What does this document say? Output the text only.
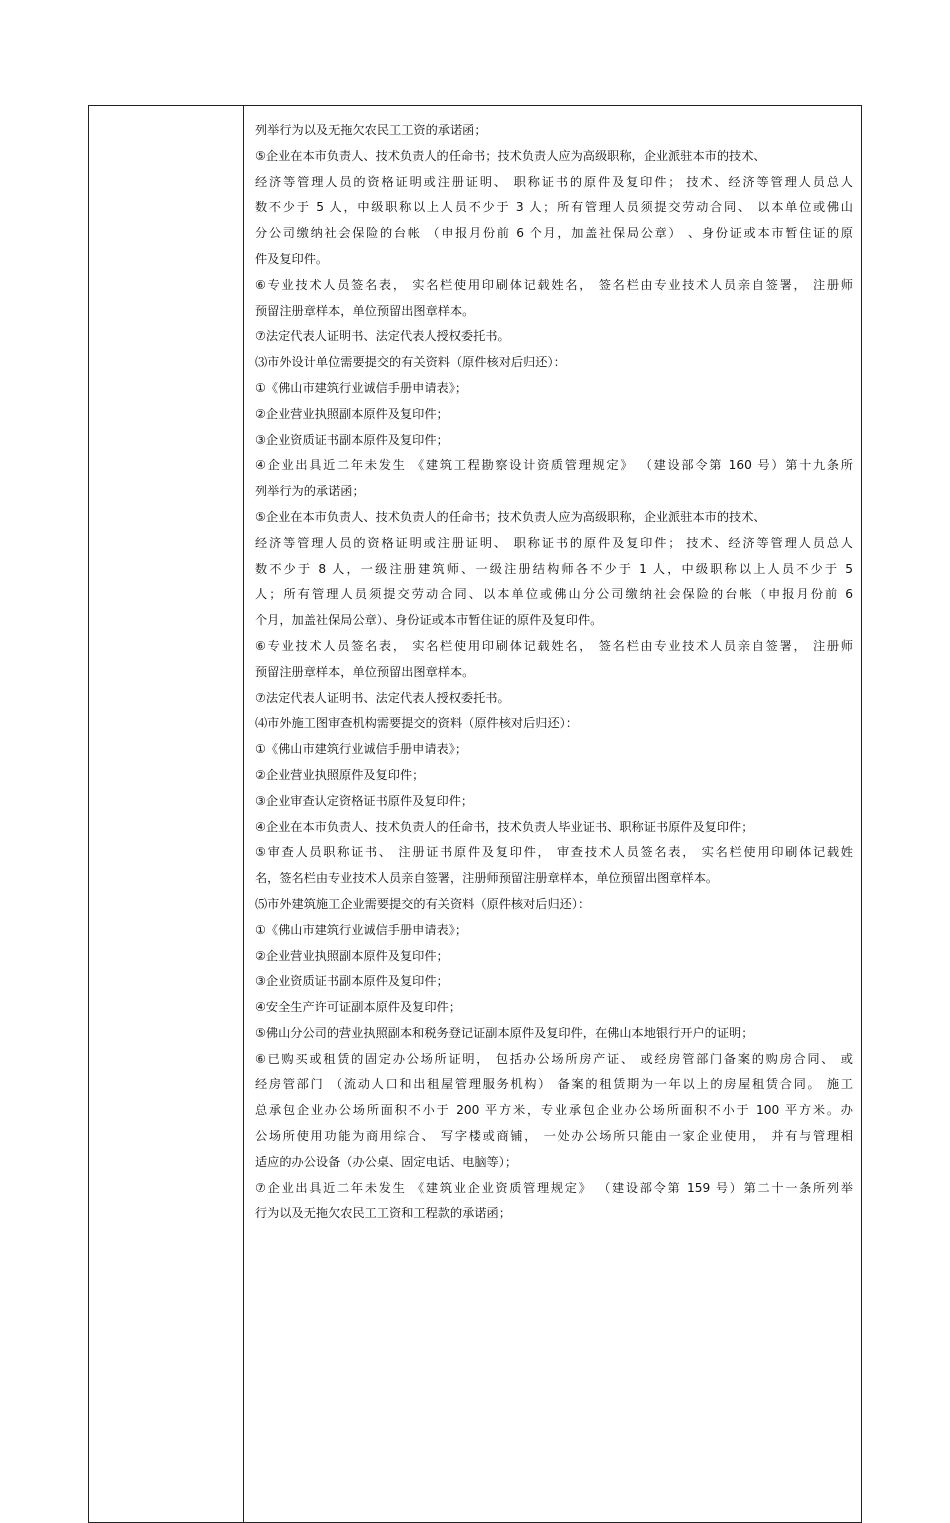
列举行为以及无拖欠农民工工资的承诺函；
⑤企业在本市负责人、技术负责人的任命书；技术负责人应为高级职称，企业派驻本市的技术、
经济等管理人员的资格证明或注册证明、 职称证书的原件及复印件； 技术、经济等管理人员总人
数不少于 5 人，中级职称以上人员不少于 3 人；所有管理人员须提交劳动合同、 以本单位或佛山
分公司缴纳社会保险的台帐 （申报月份前 6 个月，加盖社保局公章） 、身份证或本市暂住证的原
件及复印件。
⑥专业技术人员签名表， 实名栏使用印刷体记载姓名， 签名栏由专业技术人员亲自签署， 注册师
预留注册章样本，单位预留出图章样本。
⑦法定代表人证明书、法定代表人授权委托书。
⑶市外设计单位需要提交的有关资料（原件核对后归还）：
①《佛山市建筑行业诚信手册申请表》；
②企业营业执照副本原件及复印件；
③企业资质证书副本原件及复印件；
④企业出具近二年未发生 《建筑工程勘察设计资质管理规定》 （建设部令第 160 号）第十九条所
列举行为的承诺函；
⑤企业在本市负责人、技术负责人的任命书；技术负责人应为高级职称，企业派驻本市的技术、
经济等管理人员的资格证明或注册证明、 职称证书的原件及复印件； 技术、经济等管理人员总人
数不少于 8 人，一级注册建筑师、一级注册结构师各不少于 1 人，中级职称以上人员不少于 5
人；所有管理人员须提交劳动合同、以本单位或佛山分公司缴纳社会保险的台帐（申报月份前 6
个月，加盖社保局公章）、身份证或本市暂住证的原件及复印件。
⑥专业技术人员签名表， 实名栏使用印刷体记载姓名， 签名栏由专业技术人员亲自签署， 注册师
预留注册章样本，单位预留出图章样本。
⑦法定代表人证明书、法定代表人授权委托书。
⑷市外施工图审查机构需要提交的资料（原件核对后归还）：
①《佛山市建筑行业诚信手册申请表》；
②企业营业执照原件及复印件；
③企业审查认定资格证书原件及复印件；
④企业在本市负责人、技术负责人的任命书，技术负责人毕业证书、职称证书原件及复印件；
⑤审查人员职称证书、 注册证书原件及复印件， 审查技术人员签名表， 实名栏使用印刷体记载姓
名，签名栏由专业技术人员亲自签署，注册师预留注册章样本，单位预留出图章样本。
⑸市外建筑施工企业需要提交的有关资料（原件核对后归还）：
①《佛山市建筑行业诚信手册申请表》；
②企业营业执照副本原件及复印件；
③企业资质证书副本原件及复印件；
④安全生产许可证副本原件及复印件；
⑤佛山分公司的营业执照副本和税务登记证副本原件及复印件，在佛山本地银行开户的证明；
⑥已购买或租赁的固定办公场所证明， 包括办公场所房产证、 或经房管部门备案的购房合同、 或
经房管部门 （流动人口和出租屋管理服务机构） 备案的租赁期为一年以上的房屋租赁合同。 施工
总承包企业办公场所面积不小于 200 平方米，专业承包企业办公场所面积不小于 100 平方米。办
公场所使用功能为商用综合、 写字楼或商铺， 一处办公场所只能由一家企业使用， 并有与管理相
适应的办公设备（办公桌、固定电话、电脑等）；
⑦企业出具近二年未发生 《建筑业企业资质管理规定》 （建设部令第 159 号）第二十一条所列举
行为以及无拖欠农民工工资和工程款的承诺函；
